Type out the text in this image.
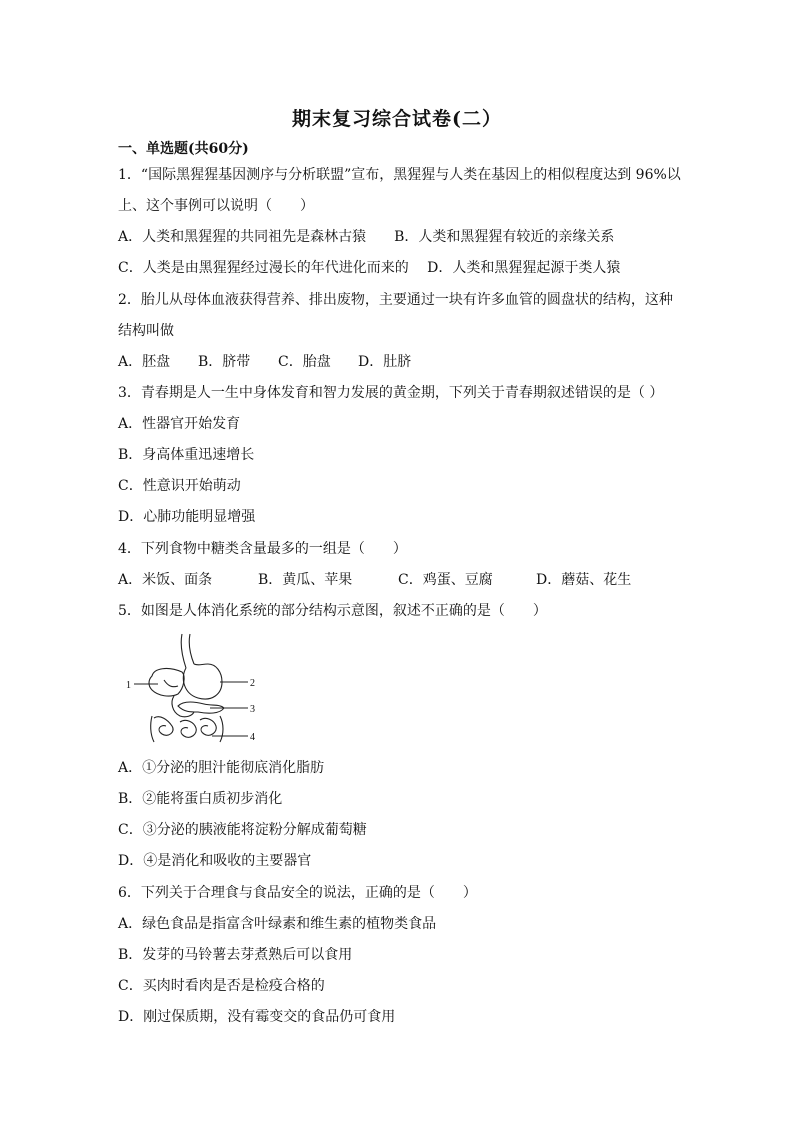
期末复习综合试卷(二）
一、单选题(共60分)
1．“国际黑猩猩基因测序与分析联盟”宣布，黑猩猩与人类在基因上的相似程度达到 96%以
上、这个事例可以说明（　　）
A．人类和黑猩猩的共同祖先是森林古猿　　B．人类和黑猩猩有较近的亲缘关系
C．人类是由黑猩猩经过漫长的年代进化而来的　 D．人类和黑猩猩起源于类人猿
2．胎儿从母体血液获得营养、排出废物，主要通过一块有许多血管的圆盘状的结构，这种
结构叫做
A．胚盘	B．脐带	C．胎盘	D．肚脐
3．青春期是人一生中身体发育和智力发展的黄金期，下列关于青春期叙述错误的是（ ）
A．性器官开始发育
B．身高体重迅速增长
C．性意识开始萌动
D．心肺功能明显增强
4．下列食物中糖类含量最多的一组是（　　）
A．米饭、面条	B．黄瓜、苹果	C．鸡蛋、豆腐	D．蘑菇、花生
5．如图是人体消化系统的部分结构示意图，叙述不正确的是（　　）
1	2
3
4
A．①分泌的胆汁能彻底消化脂肪
B．②能将蛋白质初步消化
C．③分泌的胰液能将淀粉分解成葡萄糖
D．④是消化和吸收的主要器官
6．下列关于合理食与食品安全的说法，正确的是（　　）
A．绿色食品是指富含叶绿素和维生素的植物类食品
B．发芽的马铃薯去芽煮熟后可以食用
C．买肉时看肉是否是检疫合格的
D．刚过保质期，没有霉变交的食品仍可食用
